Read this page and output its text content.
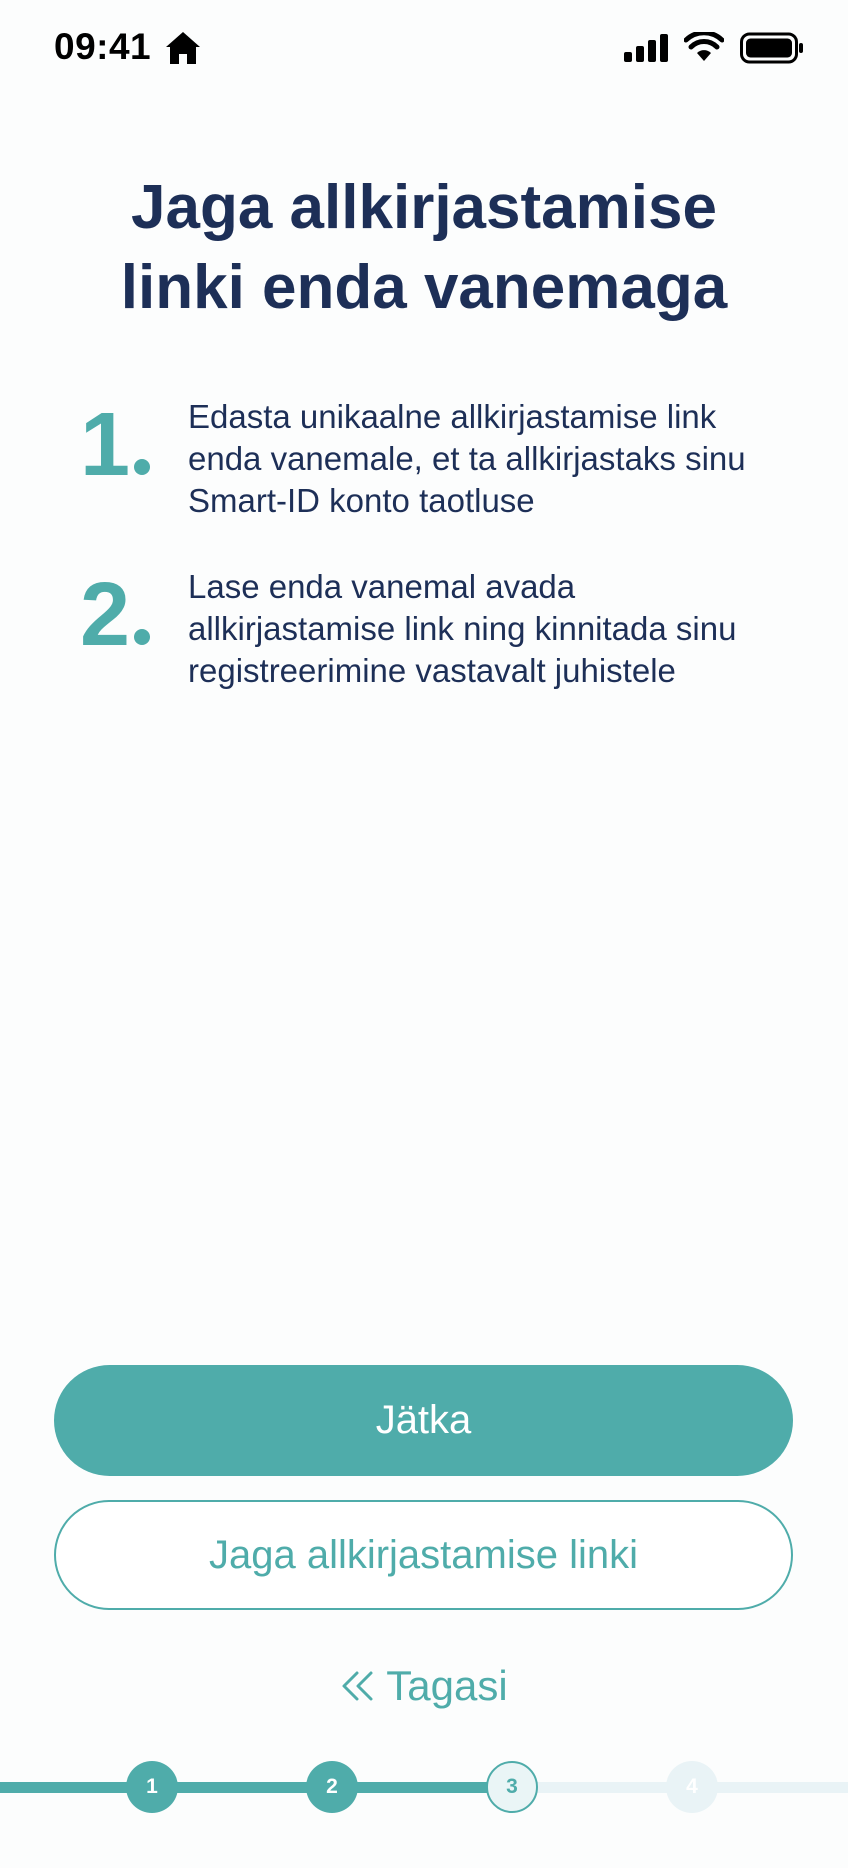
09:41
Jaga allkirjastamise
linki enda vanemaga
1	Edasta unikaalne allkirjastamise link enda vanemale, et ta allkirjastaks sinu Smart-ID konto taotluse
2	Lase enda vanemal avada allkirjastamise link ning kinnitada sinu registreerimine vastavalt juhistele
Jätka
Jaga allkirjastamise linki
Tagasi
1	2	3	4
